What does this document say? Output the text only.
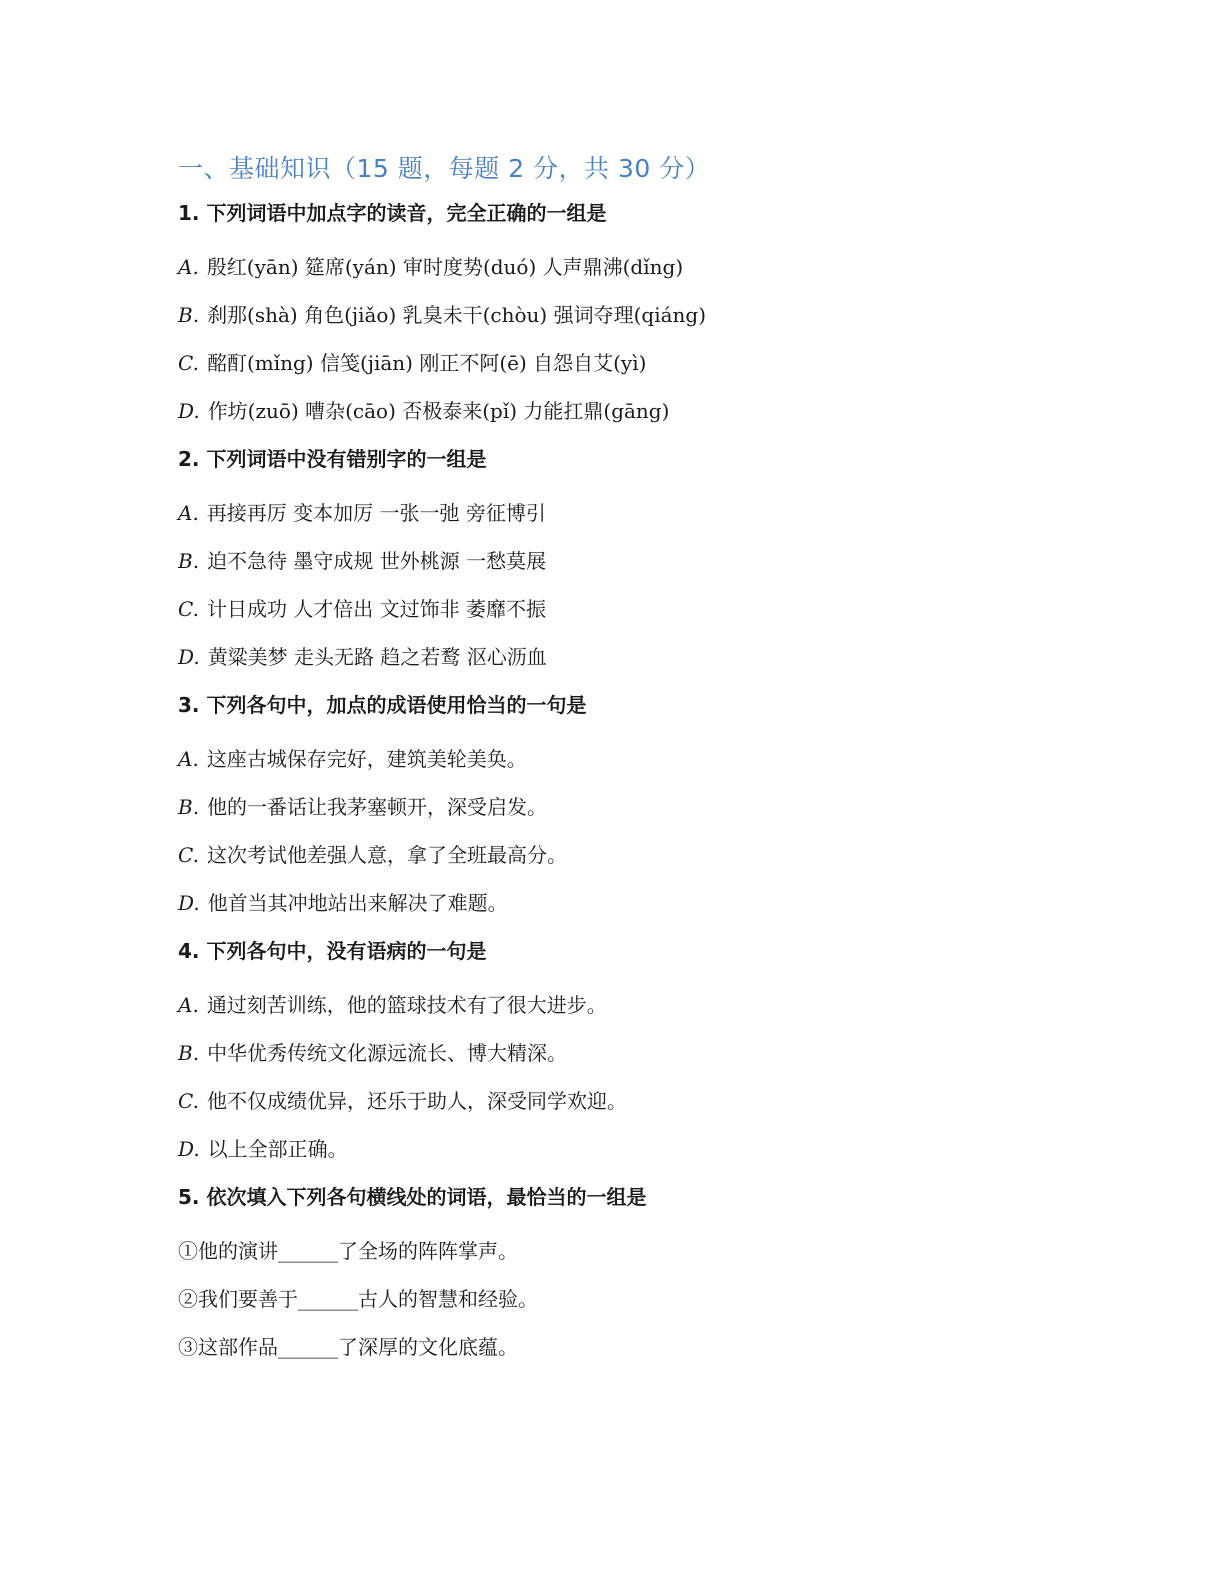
一、基础知识（15 题，每题 2 分，共 30 分）
1. 下列词语中加点字的读音，完全正确的一组是
A. 殷红(yān) 筵席(yán) 审时度势(duó) 人声鼎沸(dǐng)
B. 刹那(shà) 角色(jiǎo) 乳臭未干(chòu) 强词夺理(qiáng)
C. 酩酊(mǐng) 信笺(jiān) 刚正不阿(ē) 自怨自艾(yì)
D. 作坊(zuō) 嘈杂(cāo) 否极泰来(pǐ) 力能扛鼎(gāng)
2. 下列词语中没有错别字的一组是
A. 再接再厉 变本加厉 一张一弛 旁征博引
B. 迫不急待 墨守成规 世外桃源 一愁莫展
C. 计日成功 人才倍出 文过饰非 萎靡不振
D. 黄粱美梦 走头无路 趋之若鹜 沤心沥血
3. 下列各句中，加点的成语使用恰当的一句是
A. 这座古城保存完好，建筑美轮美奂。
B. 他的一番话让我茅塞顿开，深受启发。
C. 这次考试他差强人意，拿了全班最高分。
D. 他首当其冲地站出来解决了难题。
4. 下列各句中，没有语病的一句是
A. 通过刻苦训练，他的篮球技术有了很大进步。
B. 中华优秀传统文化源远流长、博大精深。
C. 他不仅成绩优异，还乐于助人，深受同学欢迎。
D. 以上全部正确。
5. 依次填入下列各句横线处的词语，最恰当的一组是
①他的演讲______了全场的阵阵掌声。
②我们要善于______古人的智慧和经验。
③这部作品______了深厚的文化底蕴。
